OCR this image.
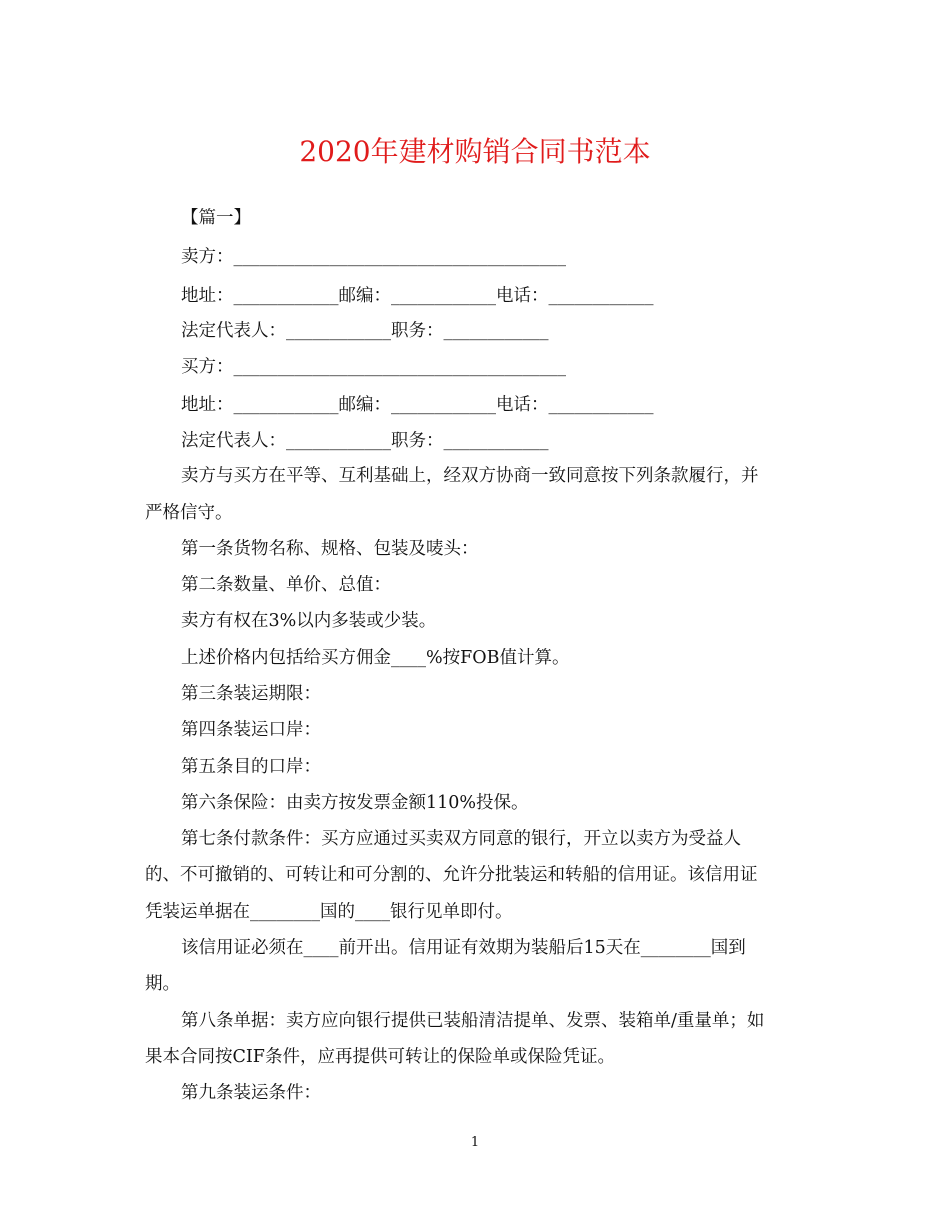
2020年建材购销合同书范本
【篇一】
卖方：______________________________________
地址：____________邮编：____________电话：____________
法定代表人：____________职务：____________
买方：______________________________________
地址：____________邮编：____________电话：____________
法定代表人：____________职务：____________
卖方与买方在平等、互利基础上，经双方协商一致同意按下列条款履行，并
严格信守。
第一条货物名称、规格、包装及唛头：
第二条数量、单价、总值：
卖方有权在3%以内多装或少装。
上述价格内包括给买方佣金____%按FOB值计算。
第三条装运期限：
第四条装运口岸：
第五条目的口岸：
第六条保险：由卖方按发票金额110%投保。
第七条付款条件：买方应通过买卖双方同意的银行，开立以卖方为受益人
的、不可撤销的、可转让和可分割的、允许分批装运和转船的信用证。该信用证
凭装运单据在________国的____银行见单即付。
该信用证必须在____前开出。信用证有效期为装船后15天在________国到
期。
第八条单据：卖方应向银行提供已装船清洁提单、发票、装箱单/重量单；如
果本合同按CIF条件，应再提供可转让的保险单或保险凭证。
第九条装运条件：
1
